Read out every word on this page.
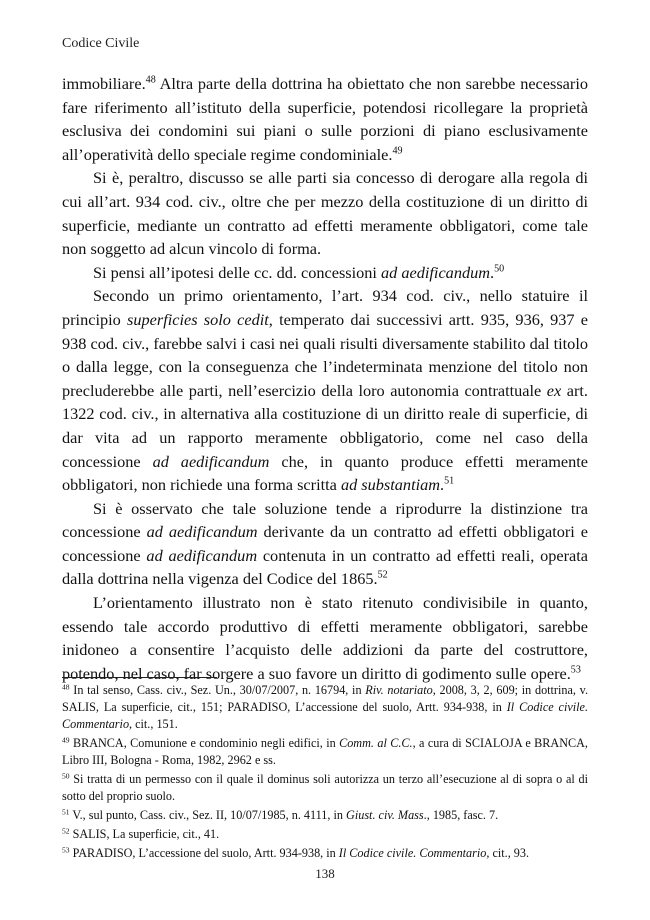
Codice Civile

immobiliare.$^{48}$ Altra parte della dottrina ha obiettato che non sarebbe necessario fare riferimento all’istituto della superficie, potendosi ricollegare la proprietà esclusiva dei condomini sui piani o sulle porzioni di piano esclusivamente all’operatività dello speciale regime condominiale.$^{49}$

Si è, peraltro, discusso se alle parti sia concesso di derogare alla regola di cui all’art. 934 cod. civ., oltre che per mezzo della costituzione di un diritto di superficie, mediante un contratto ad effetti meramente obbligatori, come tale non soggetto ad alcun vincolo di forma.

Si pensi all’ipotesi delle cc. dd. concessioni ad aedificandum.$^{50}$

Secondo un primo orientamento, l’art. 934 cod. civ., nello statuire il principio superficies solo cedit, temperato dai successivi artt. 935, 936, 937 e 938 cod. civ., farebbe salvi i casi nei quali risulti diversamente stabilito dal titolo o dalla legge, con la conseguenza che l’indeterminata menzione del titolo non precluderebbe alle parti, nell’esercizio della loro autonomia contrattuale ex art. 1322 cod. civ., in alternativa alla costituzione di un diritto reale di superficie, di dar vita ad un rapporto meramente obbligatorio, come nel caso della concessione ad aedificandum che, in quanto produce effetti meramente obbligatori, non richiede una forma scritta ad substantiam.$^{51}$

Si è osservato che tale soluzione tende a riprodurre la distinzione tra concessione ad aedificandum derivante da un contratto ad effetti obbligatori e concessione ad aedificandum contenuta in un contratto ad effetti reali, operata dalla dottrina nella vigenza del Codice del 1865.52

L’orientamento illustrato non è stato ritenuto condivisibile in quanto, essendo tale accordo produttivo di effetti meramente obbligatori, sarebbe inidoneo a consentire l’acquisto delle addizioni da parte del costruttore, potendo, nel caso, far sorgere a suo favore un diritto di godimento sulle opere.$^{53}$

$^{48}$ In tal senso, Cass. civ., Sez. Un., 30/07/2007, n. 16794, in Riv. notariato, 2008, 3, 2, 609; in dottrina, v. SALIS, La superficie, cit., 151; PARADISO, L’accessione del suolo, Artt. 934-938, in Il Codice civile. Commentario, cit., 151.

$^{49}$ BRANCA, Comunione e condominio negli edifici, in Comm. al C.C., a cura di SCIALOJA e BRANCA, Libro III, Bologna - Roma, 1982, 2962 e ss.

$^{50}$ Si tratta di un permesso con il quale il dominus soli autorizza un terzo all’esecuzione al di sopra o al di sotto del proprio suolo.

$^{51}$ V., sul punto, Cass. civ., Sez. II, 10/07/1985, n. 4111, in Giust. civ. Mass., 1985, fasc. 7.

$^{52}$ SALIS, La superficie, cit., 41.

$^{53}$ PARADISO, L’accessione del suolo, Artt. 934-938, in Il Codice civile. Commentario, cit., 93.

138
